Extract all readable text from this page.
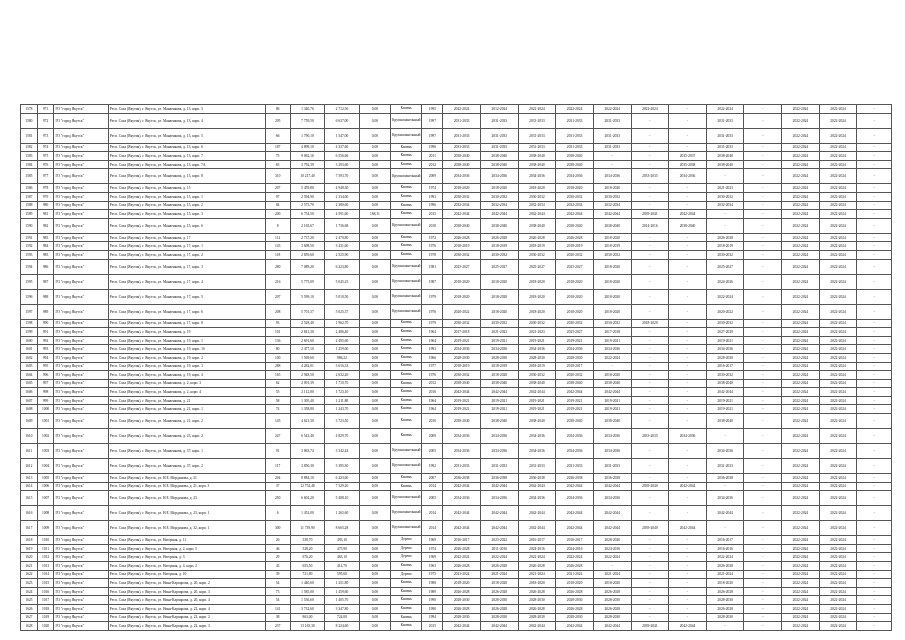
1578	971	ГО "город Якутск"	Респ. Саха (Якутия), г. Якутск, ул. Манаенкова, д. 13, корп. 3	86	1 340,76	2 712,56	0,00	Камень	1995	2022-2024	2012-2024	2022-2024	2022-2024	2022-2024	2022-2024	-	2022-2024	-	2022-2024	2022-2024	-
1580	972	ГО "город Якутск"	Респ. Саха (Якутия), г. Якутск, ул. Манаенкова, д. 13, корп. 4	295	7 759,50	6 637,00	0,00	Крупнопанельный	1997	2031-2033	2031-2033	2031-2033	2031-2033	2031-2033	-	-	2031-2033	-	2022-2024	2022-2024	-
1581	973	ГО "город Якутск"	Респ. Саха (Якутия), г. Якутск, ул. Манаенкова, д. 13, корп. 5	66	1 790,10	1 547,00	0,00	Крупнопанельный	1997	2031-2033	2031-2033	2031-2033	2031-2033	2031-2033	-	-	2031-2033	-	2022-2024	2022-2024	-
1582	974	ГО "город Якутск"	Респ. Саха (Якутия), г. Якутск, ул. Манаенкова, д. 13, корп. 6	187	4 899,10	4 337,60	0,00	Камень	1996	2031-2033	2031-2033	2031-2033	2031-2033	2031-2033	-	-	2031-2033	-	2022-2024	2022-2024	-
1583	975	ГО "город Якутск"	Респ. Саха (Якутия), г. Якутск, ул. Манаенкова, д. 13, корп. 7	75	9 062,16	6 556,66	0,00	Камень	2011	2038-2040	2038-2040	2038-2040	2038-2040	-	-	2035-2037	2038-2040	-	2022-2024	2022-2024	-
1584	976	ГО "город Якутск"	Респ. Саха (Якутия), г. Якутск, ул. Манаенкова, д. 13, корп. 7А	65	3 792,39	3 293,60	0,00	Камень	2012	2038-2040	2038-2040	2038-2040	2038-2040	-	-	2035-2038	2038-2040	-	2022-2024	2022-2024	-
1585	977	ГО "город Якутск"	Респ. Саха (Якутия), г. Якутск, ул. Манаенкова, д. 13, корп. 8	310	10 217,40	7 593,70	0,00	Крупнопанельный	2009	2034-2036	2034-2036	2034-2036	2034-2036	2034-2036	2033-2035	2034-2036	-	-	2022-2024	2022-2024	-
1586	978	ГО "город Якутск"	Респ. Саха (Якутия), г. Якутск, ул. Манаенкова, д. 15	207	5 459,80	4 948,30	0,00	Камень	1974	2018-2020	2018-2020	2018-2020	2018-2020	2018-2020	-	-	2021-2023	-	2022-2024	2022-2024	-
1587	979	ГО "город Якутск"	Респ. Саха (Якутия), г. Якутск, ул. Манаенкова, д. 15, корп. 1	97	2 594,90	2 334,00	0,00	Камень	1993	2030-2032	2030-2032	2030-2032	2030-2032	2030-2032	-	-	2030-2032	-	2022-2024	2022-2024	-
1588	980	ГО "город Якутск"	Респ. Саха (Якутия), г. Якутск, ул. Манаенкова, д. 15, корп. 2	84	2 575,70	2 380,60	0,00	Камень	1996	2032-2034	2032-2034	2032-2034	2032-2034	2032-2034	-	-	2032-2034	-	2022-2024	2022-2024	-
1589	981	ГО "город Якутск"	Респ. Саха (Якутия), г. Якутск, ул. Манаенкова, д. 15, корп. 3	200	6 754,50	4 591,60	168,11	Камень	2015	2042-2044	2042-2044	2042-2044	2042-2044	2042-2044	2039-2041	2042-2044	-	-	2022-2024	2022-2024	-
1590	982	ГО "город Якутск"	Респ. Саха (Якутия), г. Якутск, ул. Манаенкова, д. 15, корп. 6	8	2 165,67	1 736,68	0,00	Крупнопанельный	2010	2038-2040	2038-2040	2038-2040	2038-2040	2038-2040	2014-2016	2038-2040	-	-	2022-2024	2022-2024	-
1591	983	ГО "город Якутск"	Респ. Саха (Якутия), г. Якутск, ул. Манаенкова, д. 17	112	2 737,20	2 470,80	0,00	Камень	1972	2026-2028	2026-2028	2026-2028	2026-2028	2018-2020	-	-	2026-2028	-	2022-2024	2022-2024	-
1592	984	ГО "город Якутск"	Респ. Саха (Якутия), г. Якутск, ул. Манаенкова, д. 17, корп. 1	143	3 698,50	3 431,60	0,00	Камень	1976	2018-2019	2018-2019	2018-2019	2018-2019	2018-2019	-	-	2018-2019	-	2022-2024	2022-2024	-
1593	985	ГО "город Якутск"	Респ. Саха (Якутия), г. Якутск, ул. Манаенкова, д. 17, корп. 2	118	2 859,60	2 525,90	0,00	Камень	1978	2030-2032	2030-2032	2030-2032	2030-2032	2030-2032	-	-	2030-2032	-	2022-2024	2022-2024	-
1594	986	ГО "город Якутск"	Респ. Саха (Якутия), г. Якутск, ул. Манаенкова, д. 17, корп. 3	280	7 089,20	6 223,80	0,00	Крупнопанельный	1981	2025-2027	2025-2027	2025-2027	2025-2027	2018-2020	-	-	2025-2027	-	2022-2024	2022-2024	-
1595	987	ГО "город Якутск"	Респ. Саха (Якутия), г. Якутск, ул. Манаенкова, д. 17, корп. 4	216	5 775,09	5 045,25	0,00	Крупнопанельный	1987	2018-2020	2018-2020	2018-2020	2018-2020	2018-2020	-	-	2024-2026	-	2022-2024	2022-2024	-
1596	988	ГО "город Якутск"	Респ. Саха (Якутия), г. Якутск, ул. Манаенкова, д. 17, корп. 5	207	5 599,10	5 010,50	0,00	Крупнопанельный	1979	2018-2020	2018-2020	2018-2020	2018-2020	2018-2020	-	-	2022-2024	-	2022-2024	2022-2024	-
1597	989	ГО "город Якутск"	Респ. Саха (Якутия), г. Якутск, ул. Манаенкова, д. 17, корп. 6	208	5 701,37	5 025,37	0,00	Крупнопанельный	1976	2020-2022	2018-2020	2018-2020	2018-2020	2018-2020	-	-	2020-2022	-	2022-2024	2022-2024	-
1598	990	ГО "город Якутск"	Респ. Саха (Якутия), г. Якутск, ул. Манаенкова, д. 17, корп. 8	93	2 528,40	1 962,70	0,00	Камень	1979	2030-2032	2030-2032	2030-2032	2030-2032	2030-2032	2018-2020	-	2030-2032	-	2022-2024	2022-2024	-
1599	991	ГО "город Якутск"	Респ. Саха (Якутия), г. Якутск, ул. Манаенкова, д. 19	101	2 841,30	2 486,40	0,00	Камень	1964	2017-2018	2021-2023	2021-2023	2025-2027	2017-2018	-	-	2027-2029	-	2022-2024	2022-2024	-
1600	992	ГО "город Якутск"	Респ. Саха (Якутия), г. Якутск, ул. Манаенкова, д. 19, корп. 1	136	2 691,60	2 495,60	0,00	Камень	1964	2019-2021	2019-2021	2019-2021	2019-2021	2019-2021	-	-	2019-2021	-	2022-2024	2022-2024	-
1601	993	ГО "город Якутск"	Респ. Саха (Якутия), г. Якутск, ул. Манаенкова, д. 19, корп. 1б	80	2 477,10	1 259,00	0,00	Камень	1993	2034-2036	2034-2036	2034-2036	2034-2036	2034-2036	-	-	2034-2036	-	2022-2024	2022-2024	-
1602	994	ГО "город Якутск"	Респ. Саха (Якутия), г. Якутск, ул. Манаенкова, д. 19, корп. 2	100	1 569,60	986,22	0,00	Камень	1966	2028-2030	2028-2030	2028-2030	2028-2030	2022-2024	-	-	2028-2030	-	2022-2024	2022-2024	-
1603	995	ГО "город Якутск"	Респ. Саха (Якутия), г. Якутск, ул. Манаенкова, д. 19, корп. 3	288	4 282,01	3 616,33	0,00	Камень	1977	2018-2019	2018-2019	2018-2019	2018-2017	-	-	-	2016-2017	-	2022-2024	2022-2024	-
1604	996	ГО "город Якутск"	Респ. Саха (Якутия), г. Якутск, ул. Манаенкова, д. 19, корп. 4	165	2 948,50	2 632,20	0,00	Камень	1976	2030-2032	2018-2020	2030-2032	2030-2032	2018-2020	-	-	2030-2032	-	2022-2024	2022-2024	-
1605	997	ГО "город Якутск"	Респ. Саха (Якутия), г. Якутск, ул. Манаенкова, д. 2, корп. 3	62	2 091,39	1 710,70	0,00	Камень	2012	2038-2040	2038-2040	2038-2040	2038-2040	2038-2040	-	-	2038-2040	-	2022-2024	2022-2024	-
1606	998	ГО "город Якутск"	Респ. Саха (Якутия), г. Якутск, ул. Манаенкова, д. 2, корп. 4	55	2 112,80	1 723,10	0,00	Камень	2016	2042-2044	2042-2044	2042-2044	2042-2044	2042-2044	-	-	2042-2044	-	2022-2024	2022-2024	-
1607	999	ГО "город Якутск"	Респ. Саха (Якутия), г. Якутск, ул. Манаенкова, д. 21	58	1 305,40	1 211,80	0,00	Камень	1964	2019-2021	2019-2021	2019-2021	2019-2021	2019-2021	-	-	2019-2021	-	2022-2024	2022-2024	-
1608	1000	ГО "город Якутск"	Респ. Саха (Якутия), г. Якутск, ул. Манаенкова, д. 21, корп. 1	74	1 358,80	1 243,70	0,00	Камень	1964	2019-2021	2019-2021	2019-2021	2019-2021	2019-2021	-	-	2019-2021	-	2022-2024	2022-2024	-
1609	1001	ГО "город Якутск"	Респ. Саха (Якутия), г. Якутск, ул. Манаенкова, д. 21, корп. 2	145	4 621,30	3 723,50	0,00	Камень	2010	2038-2040	2038-2040	2038-2040	2038-2040	2038-2040	-	-	2038-2040	-	2022-2024	2022-2024	-
1610	1002	ГО "город Якутск"	Респ. Саха (Якутия), г. Якутск, ул. Манаенкова, д. 23, корп. 2	247	6 542,40	4 829,70	0,00	Камень	2009	2034-2036	2034-2036	2034-2036	2034-2036	2034-2036	2033-2035	2034-2036	-	-	2022-2024	2022-2024	-
1611	1003	ГО "город Якутск"	Респ. Саха (Якутия), г. Якутск, ул. Манаенкова, д. 37, корп. 1	91	3 863,74	3 342,44	0,00	Крупнопанельный	2005	2034-2036	2034-2036	2034-2036	2034-2036	2034-2036	-	-	2034-2036	-	2022-2024	2022-2024	-
1612	1004	ГО "город Якутск"	Респ. Саха (Якутия), г. Якутск, ул. Манаенкова, д. 37, корп. 2	117	3 850,30	3 395,30	0,00	Крупнопанельный	1992	2031-2033	2031-2033	2031-2033	2031-2033	2031-2033	-	-	2031-2033	-	2022-2024	2022-2024	-
1613	1005	ГО "город Якутск"	Респ. Саха (Якутия), г. Якутск, ул. Н.Е. Мординова, д. 21	204	8 884,10	6 223,60	0,00	Камень	2007	2036-2038	2036-2038	2036-2038	2036-2038	2036-2038	-	-	2036-2038	-	2022-2024	2022-2024	-
1614	1006	ГО "город Якутск"	Респ. Саха (Якутия), г. Якутск, ул. Н.Е. Мординова, д. 21, корп. 3	37	12 752,48	7 529,20	0,00	Камень	2014	2042-2044	2042-2044	2042-2044	2042-2044	2042-2044	2039-2040	2042-2044	-	-	2022-2024	2022-2024	-
1615	1007	ГО "город Якутск"	Респ. Саха (Якутия), г. Якутск, ул. Н.Е. Мординова, д. 23	250	6 602,20	5 408,10	0,00	Крупнопанельный	2005	2034-2036	2034-2036	2034-2036	2034-2036	2034-2036	-	-	2034-2036	-	2022-2024	2022-2024	-
1616	1008	ГО "город Якутск"	Респ. Саха (Якутия), г. Якутск, ул. Н.Е. Мординова, д. 23, корп. 1	6	1 452,00	1 265,60	0,00	Крупнопанельный	2014	2042-2044	2042-2044	2042-2044	2042-2044	2042-2044	-	-	2042-2044	-	2022-2024	2022-2024	-
1617	1009	ГО "город Якутск"	Респ. Саха (Якутия), г. Якутск, ул. Н.Е. Мординова, д. 32, корп. 1	300	11 739,90	8 665,28	0,00	Крупнопанельный	2014	2042-2044	2042-2044	2042-2044	2042-2044	2042-2044	2039-2040	2042-2044	-	-	2022-2024	2022-2024	-
1618	1010	ГО "город Якутск"	Респ. Саха (Якутия), г. Якутск, ул. Нагорная, д. 11	26	538,70	493,10	0,00	Дерево	1969	2016-2017	2023-2022	2016-2017	2016-2017	2028-2020	-	-	2016-2017	-	2022-2024	2022-2024	-
1619	1011	ГО "город Якутск"	Респ. Саха (Якутия), г. Якутск, ул. Нагорная, д. 2, корп. 5	46	528,20	475,90	0,00	Дерево	1974	2026-2028	2011-2016	2024-2016	2024-2016	2024-2016	-	-	2016-2016	-	2022-2024	2022-2024	-
1620	1012	ГО "город Якутск"	Респ. Саха (Якутия), г. Якутск, ул. Нагорная, д. 3	29	676,20	463,10	0,00	Дерево	1969	2022-2024	2022-2024	2022-2024	2022-2024	2022-2024	-	-	2022-2024	-	2022-2024	2022-2024	-
1621	1013	ГО "город Якутск"	Респ. Саха (Якутия), г. Якутск, ул. Нагорная, д. 4, корп. 2	43	655,50	414,70	0,00	Камень	1963	2026-2028	2026-2028	2026-2028	2026-2028	-	-	-	2026-2028	-	2022-2024	2022-2024	-
1622	1014	ГО "город Якутск"	Респ. Саха (Якутия), г. Якутск, ул. Нагорная, д. 10	39	721,80	595,60	0,00	Дерево	1975	2021-2024	2021-2024	2021-2024	2021-2024	2021-2024	-	-	2021-2024	-	2022-2024	2022-2024	-
1623	1015	ГО "город Якутск"	Респ. Саха (Якутия), г. Якутск, ул. Нина-Карпарова, д. 20, корп. 2	54	1 440,60	1 251,80	0,00	Камень	1988	2018-2020	2018-2020	2018-2020	2018-2020	2018-2020	-	-	2018-2020	-	2022-2024	2022-2024	-
1624	1016	ГО "город Якутск"	Респ. Саха (Якутия), г. Якутск, ул. Нина-Карпарова, д. 20, корп. 3	73	1 585,00	1 459,60	0,00	Камень	1989	2026-2028	2026-2028	2026-2028	2026-2028	2026-2028	-	-	2026-2028	-	2022-2024	2022-2024	-
1625	1017	ГО "город Якутск"	Респ. Саха (Якутия), г. Якутск, ул. Нина-Карпарова, д. 20, корп. 4	54	1 536,60	1 405,70	0,00	Камень	1990	2028-2030	2028-2030	2028-2030	2028-2030	2028-2030	-	-	2028-2030	-	2022-2024	2022-2024	-
1626	1018	ГО "город Якутск"	Респ. Саха (Якутия), г. Якутск, ул. Нина-Карпарова, д. 22, корп. 4	141	3 732,60	3 347,80	0,00	Камень	1990	2026-2028	2026-2028	2026-2028	2026-2028	2026-2028	-	-	2026-2028	-	2022-2024	2022-2024	-
1627	1019	ГО "город Якутск"	Респ. Саха (Якутия), г. Якутск, ул. Нина-Карпарова, д. 22, корп. 2	38	863,00	724,00	0,00	Камень	1994	2028-2030	2028-2030	2028-2030	2028-2030	2028-2030	-	-	2028-2030	-	2022-2024	2022-2024	-
1628	1020	ГО "город Якутск"	Респ. Саха (Якутия), г. Якутск, ул. Нина-Карпарова, д. 22, корп. 3	237	13 165,30	8 224,60	0,00	Камень	2015	2042-2044	2042-2044	2042-2044	2042-2044	2042-2044	2039-2041	2042-2044	-	-	2022-2024	2022-2024	-
